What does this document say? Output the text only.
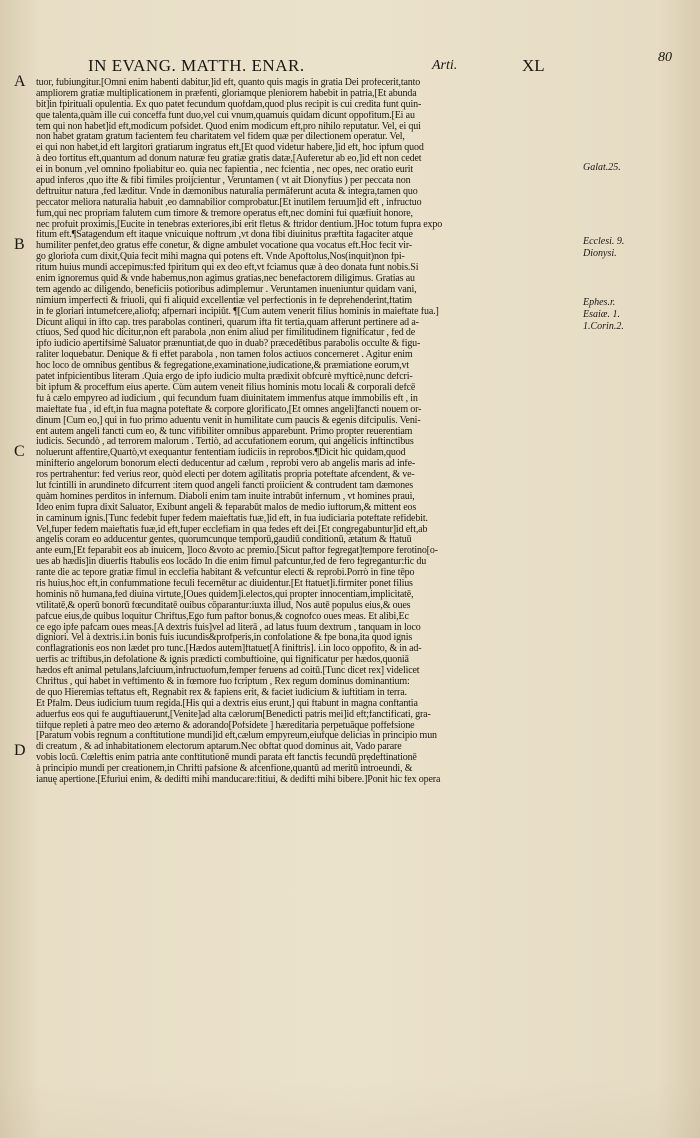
IN EVANG. MATTH. ENAR.	Arti.	XL	80
A
B
C
D
Galat.25.
Ecclesi. 9.
Dionysi.
Ephes.r.
Esaiæ. 1.
1.Corin.2.
tuor, fubiungitur.[Omni enim habenti dabitur,]id eft, quanto quis magis in gratia Dei profecerit,tanto
ampliorem gratiæ multiplicationem in præfenti, gloriamque pleniorem habebit in patria,[Et abunda
bit]in fpirituali opulentia. Ex quo patet fecundum quofdam,quod plus recipit is cui credita funt quin-
que talenta,quàm ille cui conceffa funt duo,vel cui vnum,quamuis quidam dicunt oppofitum.[Ei au
tem qui non habet]id eft,modicum pofsidet. Quod enim modicum eft,pro nihilo reputatur. Vel, ei qui
non habet gratam gratum facientem feu charitatem vel fidem quæ per dilectionem operatur. Vel,
ei qui non habet,id eft largitori gratiarum ingratus eft,[Et quod videtur habere,]id eft, hoc ipfum quod
à deo fortitus eft,quantum ad donum naturæ feu gratiæ gratis datæ,[Auferetur ab eo,]id eft non cedet
ei in bonum ,vel omnino fpoliabitur eo. quia nec fapientia , nec fcientia , nec opes, nec oratio eurit
apud inferos ,quo ifte & fibi fimiles proijcientur , Veruntamen ( vt ait Dionyfius ) per peccata non
deftruitur natura ,fed læditur. Vnde in dæmonibus naturalia permäferunt acuta & integra,tamen quo
peccator meliora naturalia habuit ,eo damnabilior comprobatur.[Et inutilem feruum]id eft , infructuo
fum,qui nec propriam falutem cum timore & tremore operatus eft,nec domini fui quæfiuit honore,
nec profuit proximis,[Eucite in tenebras exteriores,ibi erit fletus & ftridor dentium.]Hoc totum fupra expo
fitum eft.¶Satagendum eft itaque vnicuique noftrum ,vt dona fibi diuinitus præftita fagaciter atque
humiliter penfet,deo gratus effe conetur, & digne ambulet vocatione qua vocatus eft.Hoc fecit vir-
go glorìofa cum dixit,Quia fecit mihi magna qui potens eft. Vnde Apoftolus,Nos(inquit)non fpi-
ritum huius mundi accepimus:fed fpiritum qui ex deo eft,vt fciamus quæ à deo donata funt nobis.Si
enim ignoremus quid & vnde habemus,non agimus gratias,nec benefactorem diligimus. Gratias au
tem agendo ac diligendo, beneficiis potioribus adimplemur . Veruntamen inueniuntur quidam vani,
nimium imperfecti & friuoli, qui fi aliquid excellentiæ vel perfectionis in fe deprehenderint,ftatim
in fe gloriari intumefcere,aliofq; afpernari incipiūt. ¶[Cum autem venerit filius hominis in maieftate fua.]
Dicunt aliqui in ifto cap. tres parabolas contineri, quarum ifta fit tertia,quam afferunt pertinere ad a-
ctiuos, Sed quod hic dicitur,non eft parabola ,non enim aliud per fimilitudinem fignificatur , fed de
ipfo iudicio apertifsimè Saluator prænuntiat,de quo in duab? præcedētibus parabolis occulte & figu-
raliter loquebatur. Denique & fi effet parabola , non tamen folos actiuos concerneret . Agitur enim
hoc loco de omnibus gentibus & fegregatione,examinatione,iudicatione,& præmiatione eorum,vt
patet infpicientibus literam .Quia ergo de ipfo iudicio multa prædixit obfcurè myfticè,nunc defcri-
bit ipfum & proceffum eius aperte. Cùm autem veneit filius hominis motu locali & corporali defcē
fu à cælo empyreo ad iudicium , qui fecundum fuam diuinitatem immenfus atque immobilis eft , in
maieftate fua , id eft,in fua magna poteftate & corpore glorificato,[Et omnes angeli]fancti nouem or-
dinum [Cum eo,] qui in fuo primo aduentu venit in humilitate cum paucis & egenis difcipulis. Veni-
ent autem angeli fancti cum eo, & tunc vifibiliter omnibus apparebunt. Primo propter reuerentiam
iudicis. Secundò , ad terrorem malorum . Tertiò, ad accufationem eorum, qui angelicis inftinctibus
noluerunt affentire,Quartò,vt exequantur fententiam iudiciis in reprobos.¶Dicit hic quidam,quod
minifterio angelorum bonorum electi deducentur ad cælum , reprobi vero ab angelis maris ad infe-
ros pertrahentur: fed verius reor, quòd electi per dotem agilitatis propria poteftate afcendent, & ve-
lut fcintilli in arundineto difcurrent :item quod angeli fancti proiicient & contrudent tam dæmones
quàm homines perditos in infernum. Diaboli enim tam inuite intrabūt infernum , vt homines praui,
Ideo enim fupra dixit Saluator, Exibunt angeli & feparabūt malos de medio iuftorum,& mittent eos
in caminum ignis.[Tunc fedebit fuper fedem maieftatis fuæ,]id eft, in fua iudiciaria poteftate refidebit.
Vel,fuper fedem maieftatis fuæ,id eft,fuper ecclefiam in qua fedes eft dei.[Et congregabuntur]id eft,ab
angelis coram eo adducentur gentes, quorumcunque temporū,gaudiū conditionū, ætatum & ftatuū
ante eum,[Et feparabit eos ab inuicem, ]loco &voto ac premio.[Sicut paftor fegregat]tempore ferotino[o-
ues ab hædis]in diuerfis ftabulis eos locādo In die enim fimul pafcuntur,fed de fero fegregantur:fic du
rante die ac tepore gratiæ fimul in ecclefia habitant & vefcuntur electi & reprobi.Porrò in fine tēpo
ris huius,hoc eft,in confummatione feculi fecernētur ac diuidentur.[Et ftatuet]i.firmiter ponet filius
hominis nō humana,fed diuina virtute,[Oues quidem]i.electos,qui propter innocentiam,implicitatē,
vtilitatē,& operū bonorū fœcunditatē ouibus cōparantur:iuxta illud, Nos autē populus eius,& oues
pafcue eius,de quibus loquitur Chriftus,Ego fum paftor bonus,& cognofco oues meas. Et alibi,Ec
ce ego ipfe pafcam oues meas.[A dextris fuis]vel ad literā , ad latus fuum dextrum , tanquam in loco
digniori. Vel à dextris.i.in bonis fuis iucundis&profperis,in confolatione & fpe bona,ita quod ignis
conflagrationis eos non lædet pro tunc.[Hædos autem]ftatuet[A finiftris]. i.in loco oppofito, & in ad-
uerfis ac triftibus,in defolatione & ignis prædicti combuftioine, qui fignificatur per hædos,quoniā
hædos eft animal petulans,lafciuum,infructuofum,femper feruens ad coitū.[Tunc dicet rex] videlicet
Chriftus , qui habet in veftimento & in fœmore fuo fcriptum , Rex regum dominus dominantium:
de quo Hieremias teftatus eft, Regnabit rex & fapiens erit, & faciet iudicium & iuftitiam in terra.
Et Pfalm. Deus iudicium tuum regida.[His qui a dextris eius erunt,] qui ftabunt in magna conftantia
aduerfus eos qui fe auguftiauerunt,[Venite]ad alta cælorum[Benedicti patris mei]id eft;fanctificati, gra-
tiifque repleti à patre meo deo æterno & adorando[Pofsidete ] hæreditaria perpetuāque poffefsione
[Paratum vobis regnum a conftitutione mundi]id eft,cælum empyreum,eiufque delicias in principio mun
di creatum , & ad inhabitationem electorum aptarum.Nec obftat quod dominus ait, Vado parare
vobis locū. Cœleftis enim patria ante conftitutionē mundi parata eft fanctis fecundū prędeftinationē
à principio mundi per creationem,in Chrifti pafsione & afcenfione,quantū ad meritū introeundi, &
ianuę apertione.[Efuriui enim, & dedifti mihi manducare:fitiui, & dedifti mihi bibere.]Ponit hic fex opera
